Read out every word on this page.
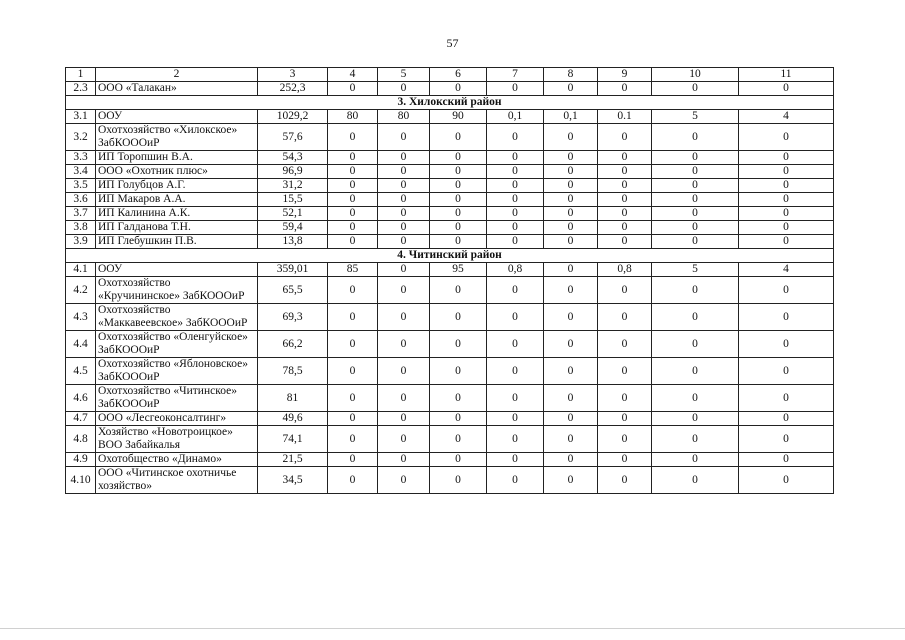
57
1	2	3	4	5	6	7	8	9	10	11
2.3	ООО «Талакан»	252,3	0	0	0	0	0	0	0	0
3. Хилокский район										
3.1	ООУ	1029,2	80	80	90	0,1	0,1	0.1	5	4
3.2	Охотхозяйство «Хилокское» ЗабКОООиР	57,6	0	0	0	0	0	0	0	0
3.3	ИП Торопшин В.А.	54,3	0	0	0	0	0	0	0	0
3.4	ООО «Охотник плюс»	96,9	0	0	0	0	0	0	0	0
3.5	ИП Голубцов А.Г.	31,2	0	0	0	0	0	0	0	0
3.6	ИП Макаров А.А.	15,5	0	0	0	0	0	0	0	0
3.7	ИП Калинина А.К.	52,1	0	0	0	0	0	0	0	0
3.8	ИП Галданова Т.Н.	59,4	0	0	0	0	0	0	0	0
3.9	ИП Глебушкин П.В.	13,8	0	0	0	0	0	0	0	0
4. Читинский район										
4.1	ООУ	359,01	85	0	95	0,8	0	0,8	5	4
4.2	Охотхозяйство «Кручининское» ЗабКОООиР	65,5	0	0	0	0	0	0	0	0
4.3	Охотхозяйство «Маккавеевское» ЗабКОООиР	69,3	0	0	0	0	0	0	0	0
4.4	Охотхозяйство «Оленгуйское» ЗабКОООиР	66,2	0	0	0	0	0	0	0	0
4.5	Охотхозяйство «Яблоновское» ЗабКОООиР	78,5	0	0	0	0	0	0	0	0
4.6	Охотхозяйство «Читинское» ЗабКОООиР	81	0	0	0	0	0	0	0	0
4.7	ООО «Лесгеоконсалтинг»	49,6	0	0	0	0	0	0	0	0
4.8	Хозяйство «Новотроицкое» ВОО Забайкалья	74,1	0	0	0	0	0	0	0	0
4.9	Охотобщество «Динамо»	21,5	0	0	0	0	0	0	0	0
4.10	ООО «Читинское охотничье хозяйство»	34,5	0	0	0	0	0	0	0	0
